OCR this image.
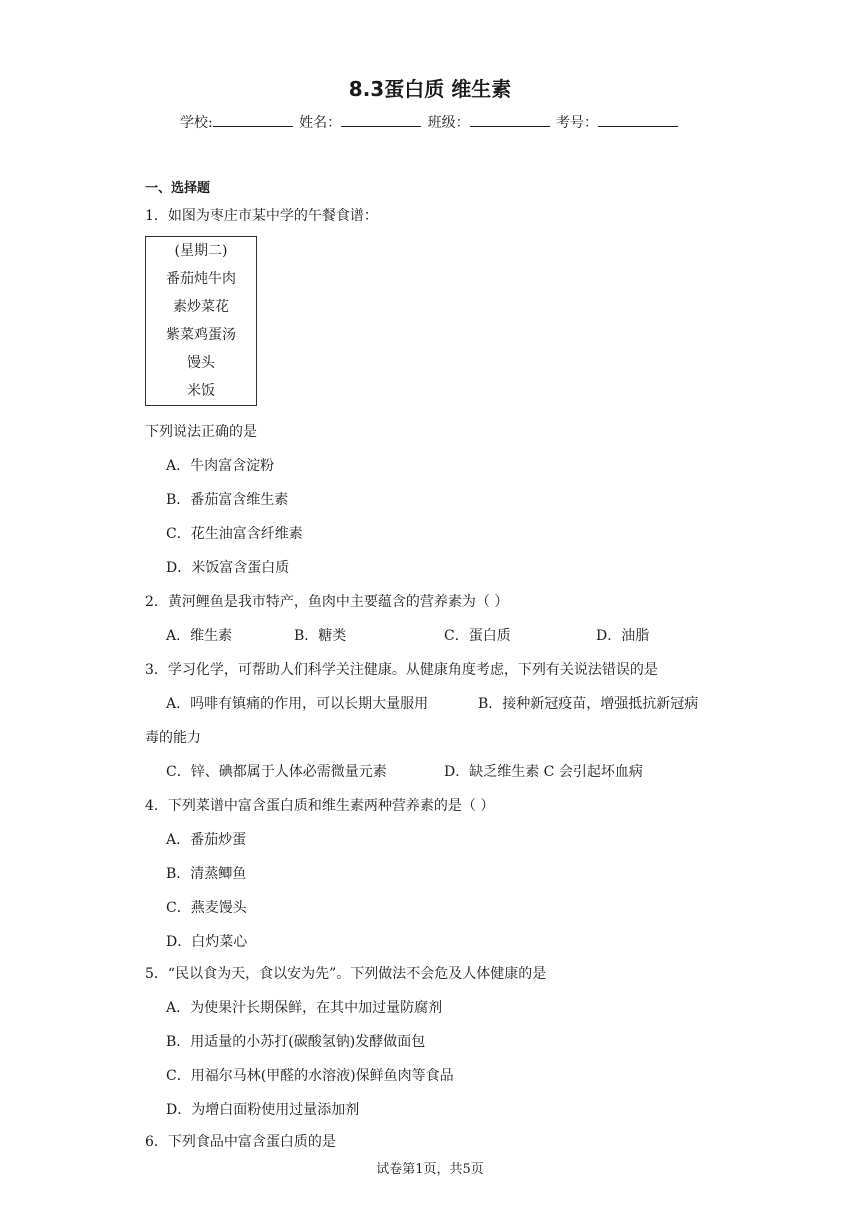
8.3蛋白质 维生素
学校:	姓名：	班级：	考号：
一、选择题
1．如图为枣庄市某中学的午餐食谱：
(星期二)
番茄炖牛肉
素炒菜花
紫菜鸡蛋汤
馒头
米饭
下列说法正确的是
A．牛肉富含淀粉
B．番茄富含维生素
C．花生油富含纤维素
D．米饭富含蛋白质
2．黄河鲤鱼是我市特产，鱼肉中主要蕴含的营养素为（ ）
A．维生素	B．糖类	C．蛋白质	D．油脂
3．学习化学，可帮助人们科学关注健康。从健康角度考虑，下列有关说法错误的是
A．吗啡有镇痛的作用，可以长期大量服用	B．接种新冠疫苗，增强抵抗新冠病
毒的能力
C．锌、碘都属于人体必需微量元素	D．缺乏维生素 C 会引起坏血病
4．下列菜谱中富含蛋白质和维生素两种营养素的是（ ）
A．番茄炒蛋
B．清蒸鲫鱼
C．燕麦馒头
D．白灼菜心
5．“民以食为天，食以安为先”。下列做法不会危及人体健康的是
A．为使果汁长期保鲜，在其中加过量防腐剂
B．用适量的小苏打(碳酸氢钠)发酵做面包
C．用福尔马林(甲醛的水溶液)保鲜鱼肉等食品
D．为增白面粉使用过量添加剂
6．下列食品中富含蛋白质的是
试卷第1页，共5页
